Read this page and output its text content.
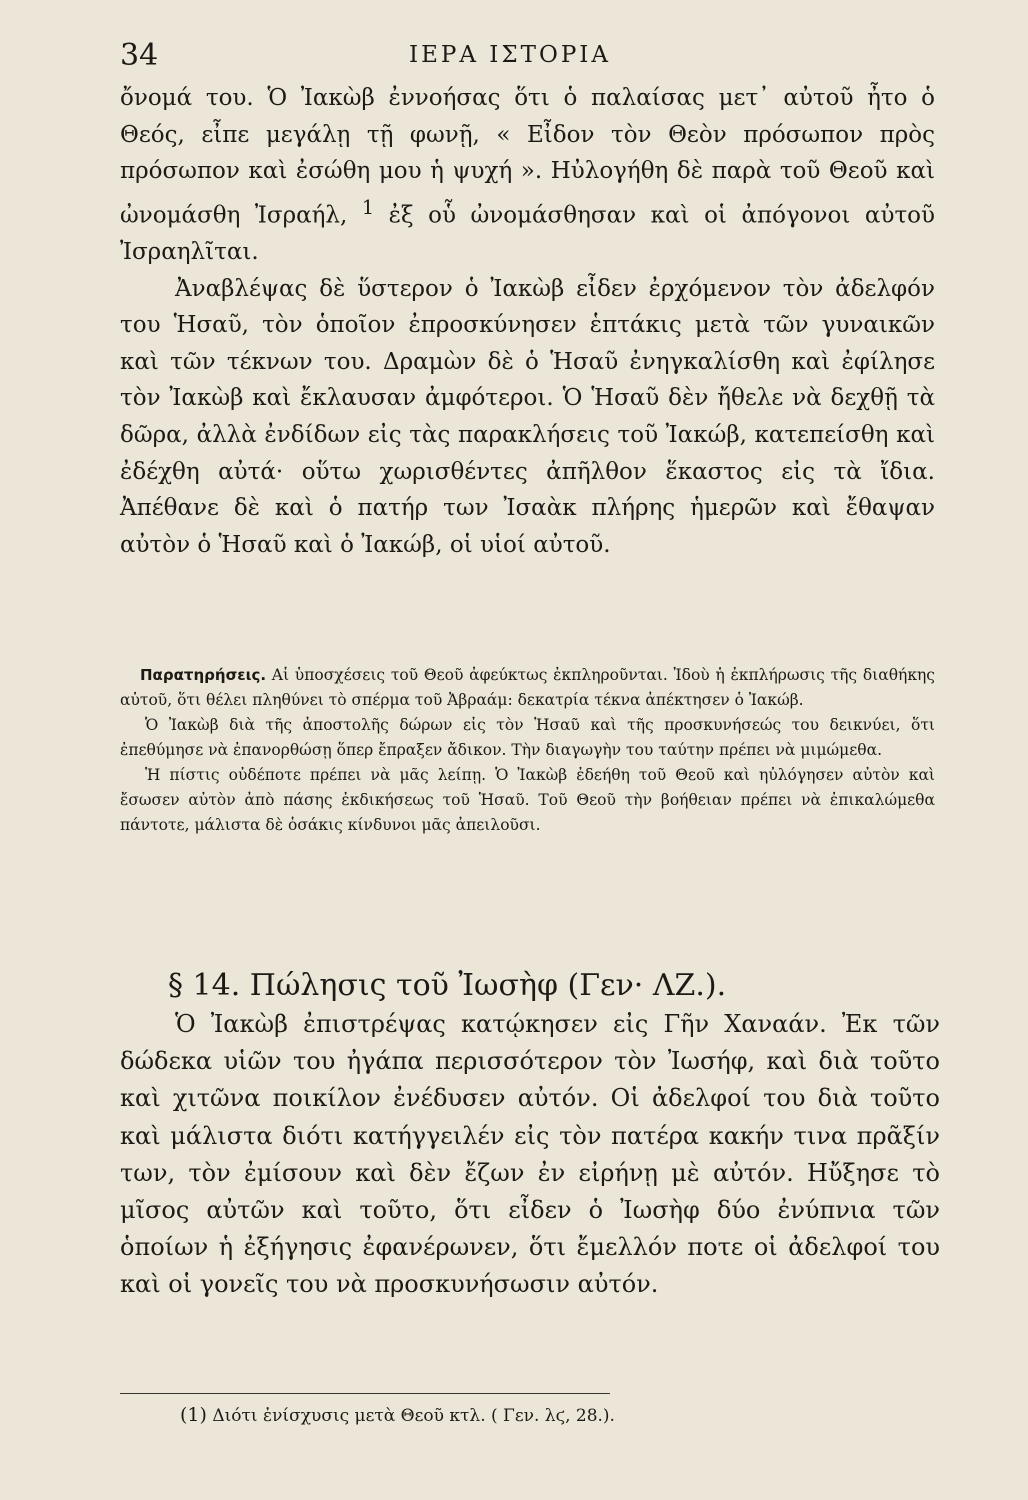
34	ΙΕΡΑ ΙΣΤΟΡΙΑ

ὄνομά του. Ὁ Ἰακὼβ ἐννοήσας ὅτι ὁ παλαίσας μετ᾽ αὐτοῦ ἦτο ὁ Θεός, εἶπε μεγάλῃ τῇ φωνῇ, « Εἶδον τὸν Θεὸν πρόσωπον πρὸς πρόσωπον καὶ ἐσώθη μου ἡ ψυχή ». Ηὐλογήθη δὲ παρὰ τοῦ Θεοῦ καὶ ὠνομάσθη Ἰσραήλ, $^1$ ἐξ οὗ ὠνομάσθησαν καὶ οἱ ἀπόγονοι αὐτοῦ Ἰσραηλῖται.

Ἀναβλέψας δὲ ὕστερον ὁ Ἰακὼβ εἶδεν ἐρχόμενον τὸν ἀδελφόν του Ἡσαῦ, τὸν ὁποῖον ἐπροσκύνησεν ἑπτάκις μετὰ τῶν γυναικῶν καὶ τῶν τέκνων του. Δραμὼν δὲ ὁ Ἡσαῦ ἐνηγκαλίσθη καὶ ἐφίλησε τὸν Ἰακὼβ καὶ ἔκλαυσαν ἀμφότεροι. Ὁ Ἡσαῦ δὲν ἤθελε νὰ δεχθῇ τὰ δῶρα, ἀλλὰ ἐνδίδων εἰς τὰς παρακλήσεις τοῦ Ἰακώβ, κατεπείσθη καὶ ἐδέχθη αὐτά· οὕτω χωρισθέντες ἀπῆλθον ἕκαστος εἰς τὰ ἴδια. Ἀπέθανε δὲ καὶ ὁ πατήρ των Ἰσαὰκ πλήρης ἡμερῶν καὶ ἔθαψαν αὐτὸν ὁ Ἡσαῦ καὶ ὁ Ἰακώβ, οἱ υἱοί αὐτοῦ.

Παρατηρήσεις. Αἱ ὑποσχέσεις τοῦ Θεοῦ ἀφεύκτως ἐκπληροῦνται. Ἰδοὺ ἡ ἐκπλήρωσις τῆς διαθήκης αὐτοῦ, ὅτι θέλει πληθύνει τὸ σπέρμα τοῦ Ἀβραάμ: δεκατρία τέκνα ἀπέκτησεν ὁ Ἰακώβ.

Ὁ Ἰακὼβ διὰ τῆς ἀποστολῆς δώρων εἰς τὸν Ἡσαῦ καὶ τῆς προσκυνήσεώς του δεικνύει, ὅτι ἐπεθύμησε νὰ ἐπανορθώσῃ ὅπερ ἔπραξεν ἄδικον. Τὴν διαγωγὴν του ταύτην πρέπει νὰ μιμώμεθα.

Ἡ πίστις οὐδέποτε πρέπει νὰ μᾶς λείπῃ. Ὁ Ἰακὼβ ἐδεήθη τοῦ Θεοῦ καὶ ηὐλόγησεν αὐτὸν καὶ ἔσωσεν αὐτὸν ἀπὸ πάσης ἐκδικήσεως τοῦ Ἡσαῦ. Τοῦ Θεοῦ τὴν βοήθειαν πρέπει νὰ ἐπικαλώμεθα πάντοτε, μάλιστα δὲ ὁσάκις κίνδυνοι μᾶς ἀπειλοῦσι.

§ 14. Πώλησις τοῦ Ἰωσὴφ (Γεν· ΛΖ.).

Ὁ Ἰακὼβ ἐπιστρέψας κατῴκησεν εἰς Γῆν Χαναάν. Ἐκ τῶν δώδεκα υἱῶν του ἠγάπα περισσότερον τὸν Ἰωσήφ, καὶ διὰ τοῦτο καὶ χιτῶνα ποικίλον ἐνέδυσεν αὐτόν. Οἱ ἀδελφοί του διὰ τοῦτο καὶ μάλιστα διότι κατήγγειλέν εἰς τὸν πατέρα κακήν τινα πρᾶξίν των, τὸν ἐμίσουν καὶ δὲν ἔζων ἐν εἰρήνῃ μὲ αὐτόν. Ηὔξησε τὸ μῖσος αὐτῶν καὶ τοῦτο, ὅτι εἶδεν ὁ Ἰωσὴφ δύο ἐνύπνια τῶν ὁποίων ἡ ἐξήγησις ἐφανέρωνεν, ὅτι ἔμελλόν ποτε οἱ ἀδελφοί του καὶ οἱ γονεῖς του νὰ προσκυνήσωσιν αὐτόν.

(1) Διότι ἐνίσχυσις μετὰ Θεοῦ κτλ. ( Γεν. λϛ, 28.).
